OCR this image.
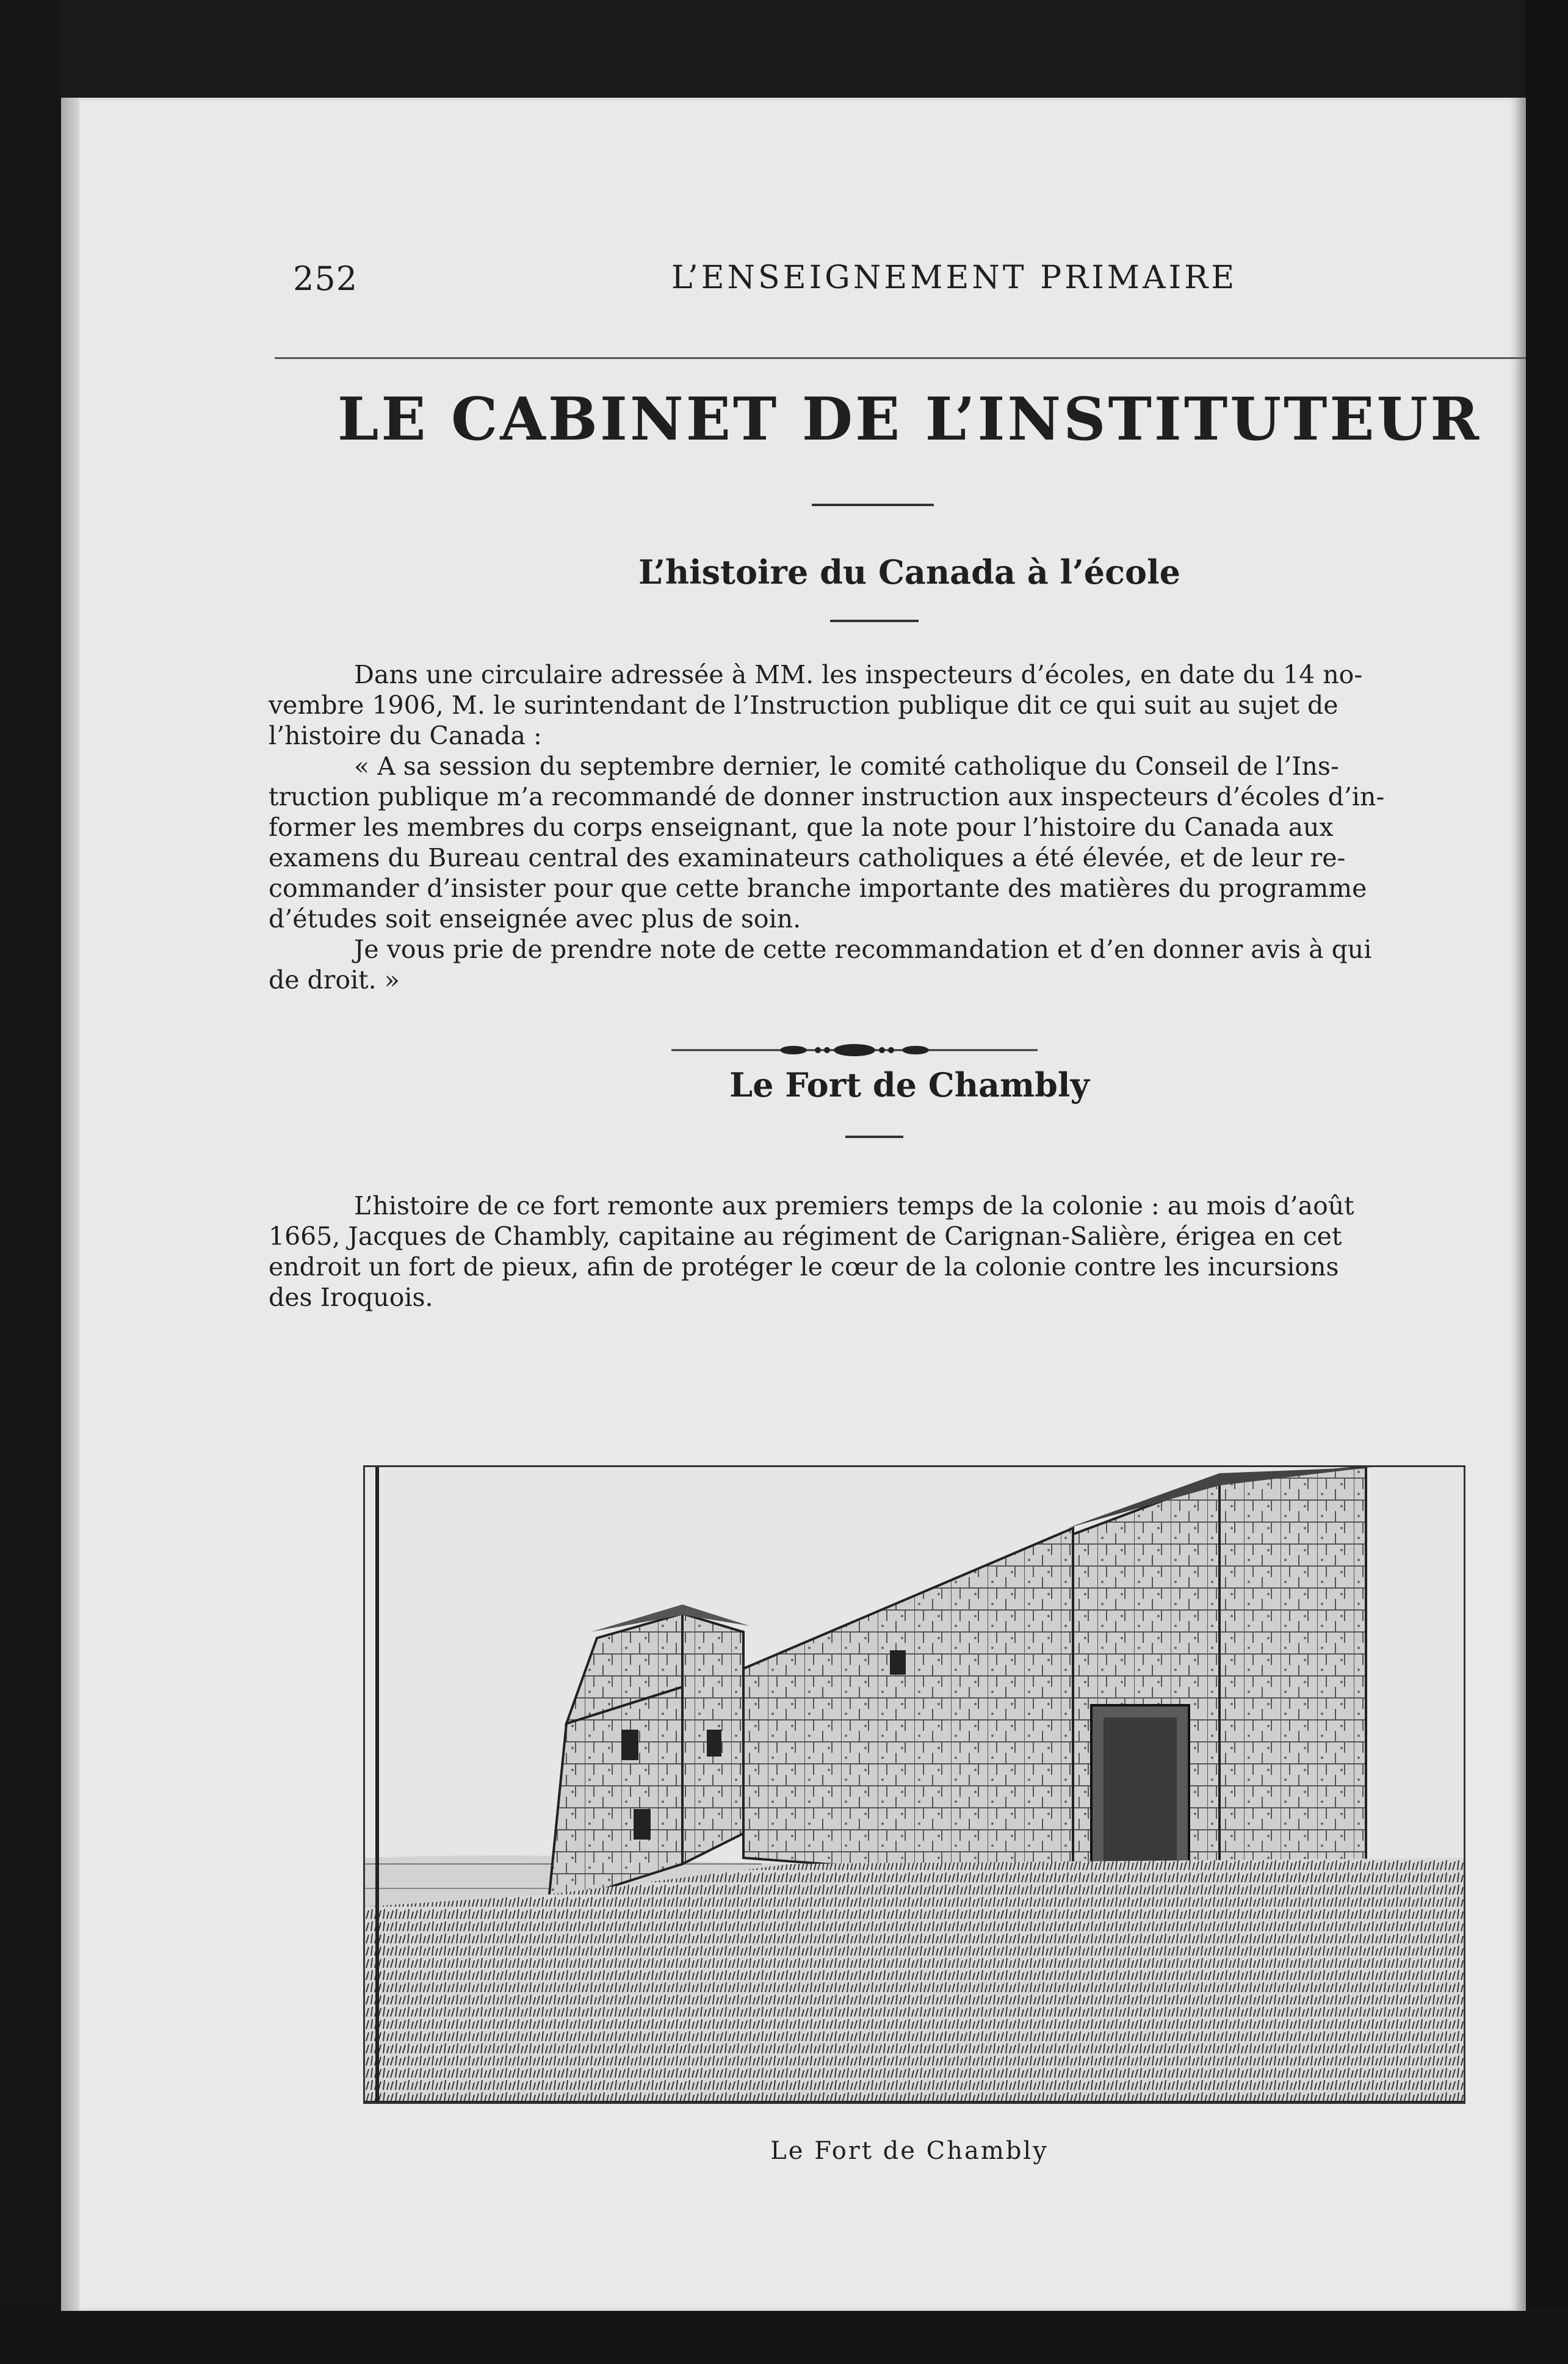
252	L’ENSEIGNEMENT PRIMAIRE
LE CABINET DE L’INSTITUTEUR
L’histoire du Canada à l’école
Dans une circulaire adressée à MM. les inspecteurs d’écoles, en date du 14 no-
vembre 1906, M. le surintendant de l’Instruction publique dit ce qui suit au sujet de
l’histoire du Canada :
« A sa session du septembre dernier, le comité catholique du Conseil de l’Ins-
truction publique m’a recommandé de donner instruction aux inspecteurs d’écoles d’in-
former les membres du corps enseignant, que la note pour l’histoire du Canada aux
examens du Bureau central des examinateurs catholiques a été élevée, et de leur re-
commander d’insister pour que cette branche importante des matières du programme
d’études soit enseignée avec plus de soin.
Je vous prie de prendre note de cette recommandation et d’en donner avis à qui
de droit. »
Le Fort de Chambly
L’histoire de ce fort remonte aux premiers temps de la colonie : au mois d’août
1665, Jacques de Chambly, capitaine au régiment de Carignan-Salière, érigea en cet
endroit un fort de pieux, afin de protéger le cœur de la colonie contre les incursions
des Iroquois.
Le Fort de Chambly
